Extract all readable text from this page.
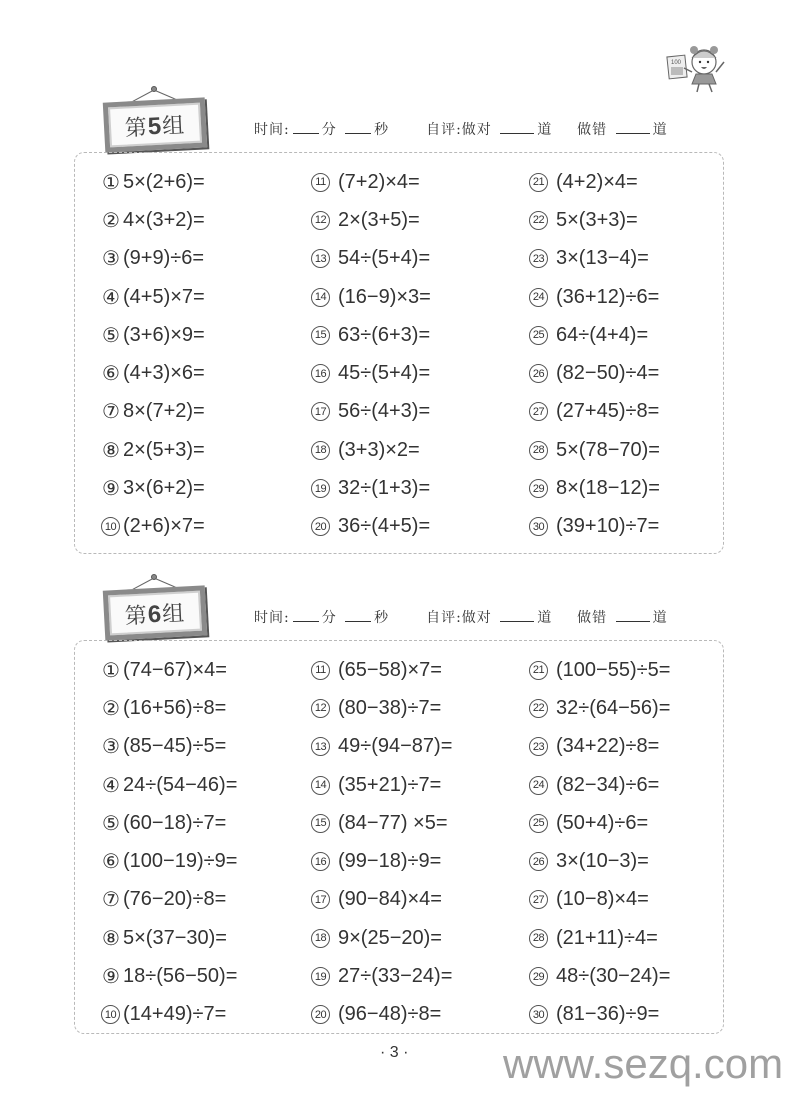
100
第5组	时间: 分	秒	自评:做对	道 做错	道
① 5×(2+6)=
② 4×(3+2)=
③ (9+9)÷6=
④ (4+5)×7=
⑤ (3+6)×9=
⑥ (4+3)×6=
⑦ 8×(7+2)=
⑧ 2×(5+3)=
⑨ 3×(6+2)=
10 (2+6)×7=
11 (7+2)×4=
12 2×(3+5)=
13 54÷(5+4)=
14 (16−9)×3=
15 63÷(6+3)=
16 45÷(5+4)=
17 56÷(4+3)=
18 (3+3)×2=
19 32÷(1+3)=
20 36÷(4+5)=
21 (4+2)×4=
22 5×(3+3)=
23 3×(13−4)=
24 (36+12)÷6=
25 64÷(4+4)=
26 (82−50)÷4=
27 (27+45)÷8=
28 5×(78−70)=
29 8×(18−12)=
30 (39+10)÷7=
第6组	时间: 分	秒	自评:做对	道 做错	道
① (74−67)×4=
② (16+56)÷8=
③ (85−45)÷5=
④ 24÷(54−46)=
⑤ (60−18)÷7=
⑥ (100−19)÷9=
⑦ (76−20)÷8=
⑧ 5×(37−30)=
⑨ 18÷(56−50)=
10 (14+49)÷7=
11 (65−58)×7=
12 (80−38)÷7=
13 49÷(94−87)=
14 (35+21)÷7=
15 (84−77) ×5=
16 (99−18)÷9=
17 (90−84)×4=
18 9×(25−20)=
19 27÷(33−24)=
20 (96−48)÷8=
21 (100−55)÷5=
22 32÷(64−56)=
23 (34+22)÷8=
24 (82−34)÷6=
25 (50+4)÷6=
26 3×(10−3)=
27 (10−8)×4=
28 (21+11)÷4=
29 48÷(30−24)=
30 (81−36)÷9=
· 3 · www.sezq.com
